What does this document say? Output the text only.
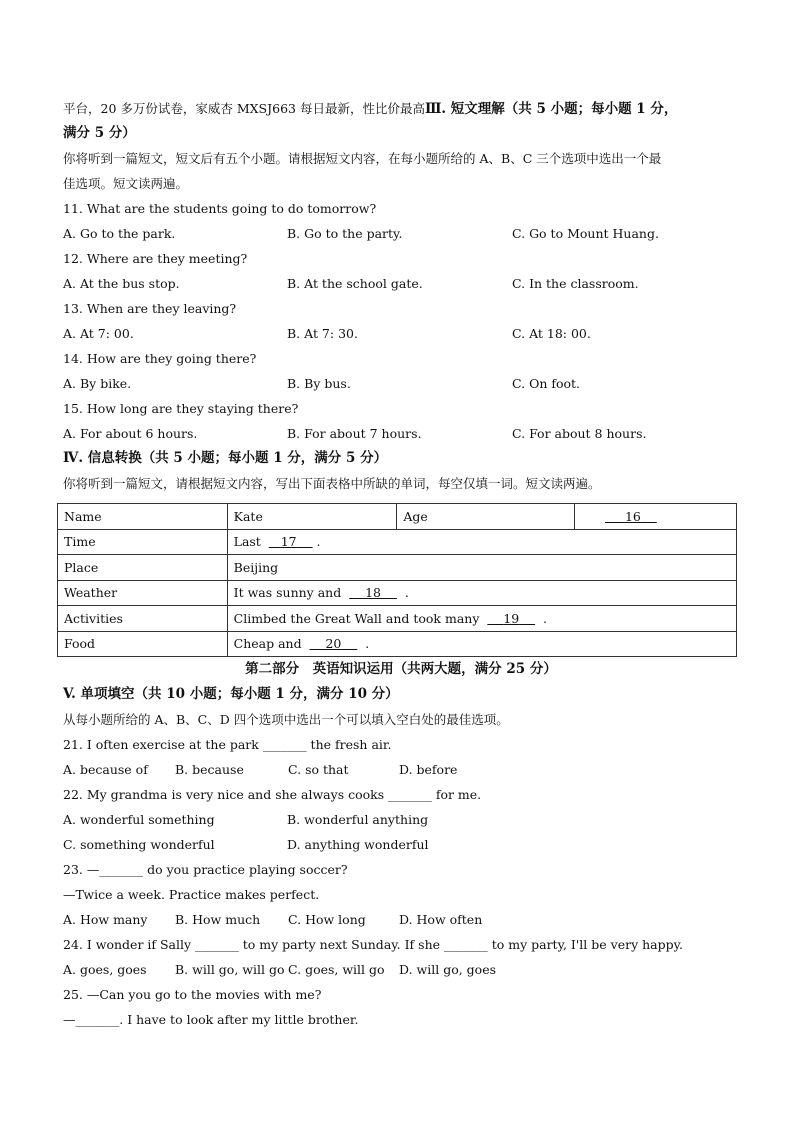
平台，20 多万份试卷，家威杏 MXSJ663 每日最新，性比价最高Ⅲ. 短文理解（共 5 小题；每小题 1 分，
满分 5 分）
你将听到一篇短文，短文后有五个小题。请根据短文内容，在每小题所给的 A、B、C 三个选项中选出一个最
佳选项。短文读两遍。
11. What are the students going to do tomorrow?
A. Go to the park.	B. Go to the party.	C. Go to Mount Huang.
12. Where are they meeting?
A. At the bus stop.	B. At the school gate.	C. In the classroom.
13. When are they leaving?
A. At 7: 00.	B. At 7: 30.	C. At 18: 00.
14. How are they going there?
A. By bike.	B. By bus.	C. On foot.
15. How long are they staying there?
A. For about 6 hours.	B. For about 7 hours.	C. For about 8 hours.
Ⅳ. 信息转换（共 5 小题；每小题 1 分，满分 5 分）
你将听到一篇短文，请根据短文内容，写出下面表格中所缺的单词，每空仅填一词。短文读两遍。
Name	Kate	Age	16
Time	Last 17     .		
Place	Beijing		
Weather	It was sunny and 18      .		
Activities	Climbed the Great Wall and took many 19      .		
Food	Cheap and 20      .		
第二部分　英语知识运用（共两大题，满分 25 分）
V. 单项填空（共 10 小题；每小题 1 分，满分 10 分）
从每小题所给的 A、B、C、D 四个选项中选出一个可以填入空白处的最佳选项。
21. I often exercise at the park _______ the fresh air.
A. because of B. because	C. so that	D. before
22. My grandma is very nice and she always cooks _______ for me.
A. wonderful something	B. wonderful anything
C. something wonderful	D. anything wonderful
23. —_______ do you practice playing soccer?
—Twice a week. Practice makes perfect.
A. How many B. How much C. How long	D. How often
24. I wonder if Sally _______ to my party next Sunday. If she _______ to my party, I'll be very happy.
A. goes, goes B. will go, will go C. goes, will go D. will go, goes
25. —Can you go to the movies with me?
—_______. I have to look after my little brother.
